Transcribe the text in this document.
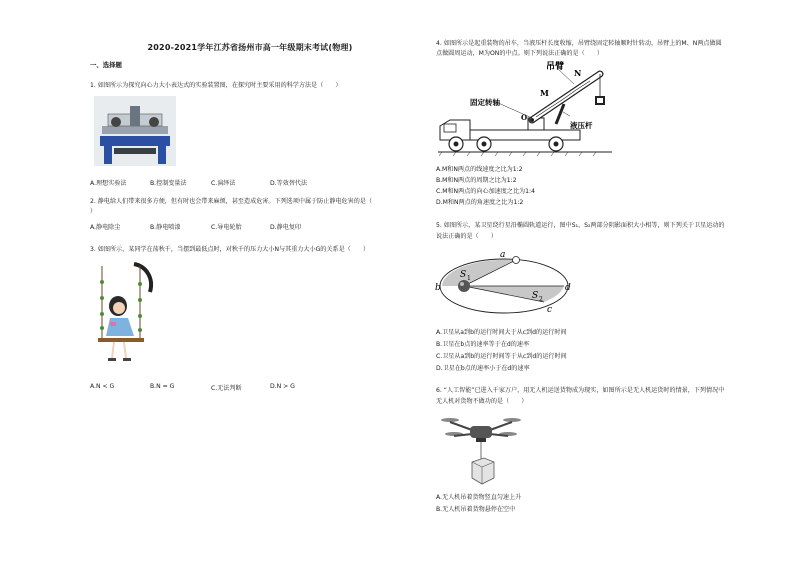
2020-2021学年江苏省扬州市高一年级期末考试(物理)
一、选择题
1. 如图所示为探究向心力大小表达式的实验装置图，在探究时主要采用的科学方法是（　　）
A.理想实验法	B.控制变量法	C.演绎法	D.等效替代法
2. 静电给人们带来很多方便，但有时也会带来麻烦，甚至造成危害。下列选项中属于防止静电危害的是（
）
A.静电除尘	B.静电喷漆	C.导电轮胎	D.静电复印
3. 如图所示，某同学在荡秋千，当摆到最低点时，对秋千的压力大小N与其重力大小G的关系是（　　）
A.N < G	B.N = G	C.无法判断	D.N > G
4. 如图所示是起重装物的吊车，当液压杆长度收缩，吊臂绕固定转轴顺时针转动，吊臂上的M、N两点做圆
点做圆周运动，M为ON的中点。则下列说法正确的是（　　）
吊臂
N
M
O
固定转轴
液压杆
A.M和N两点的线速度之比为1:2
B.M和N两点的周期之比为1:2
C.M和N两点的向心加速度之比为1:4
D.M和N两点的角速度之比为1:2
5. 如图所示，某卫星绕行星沿椭圆轨道运行，图中S₁、S₂两部分阴影面积大小相等，则下列关于卫星运动的
说法正确的是（　　）
a
b
c
d
S 1
S 2
A.卫星从a到b的运行时间大于从c到d的运行时间
B.卫星在b点的速率等于在d的速率
C.卫星从a到b的运行时间等于从c到d的运行时间
D.卫星在b点的速率小于在d的速率
6. “人工智能”已进入千家万户，用无人机运送货物成为现实，如图所示是无人机运货时的情景，下列情况中
无人机对货物不做功的是（　　）
A.无人机吊着货物竖直匀速上升
B.无人机吊着货物悬停在空中
